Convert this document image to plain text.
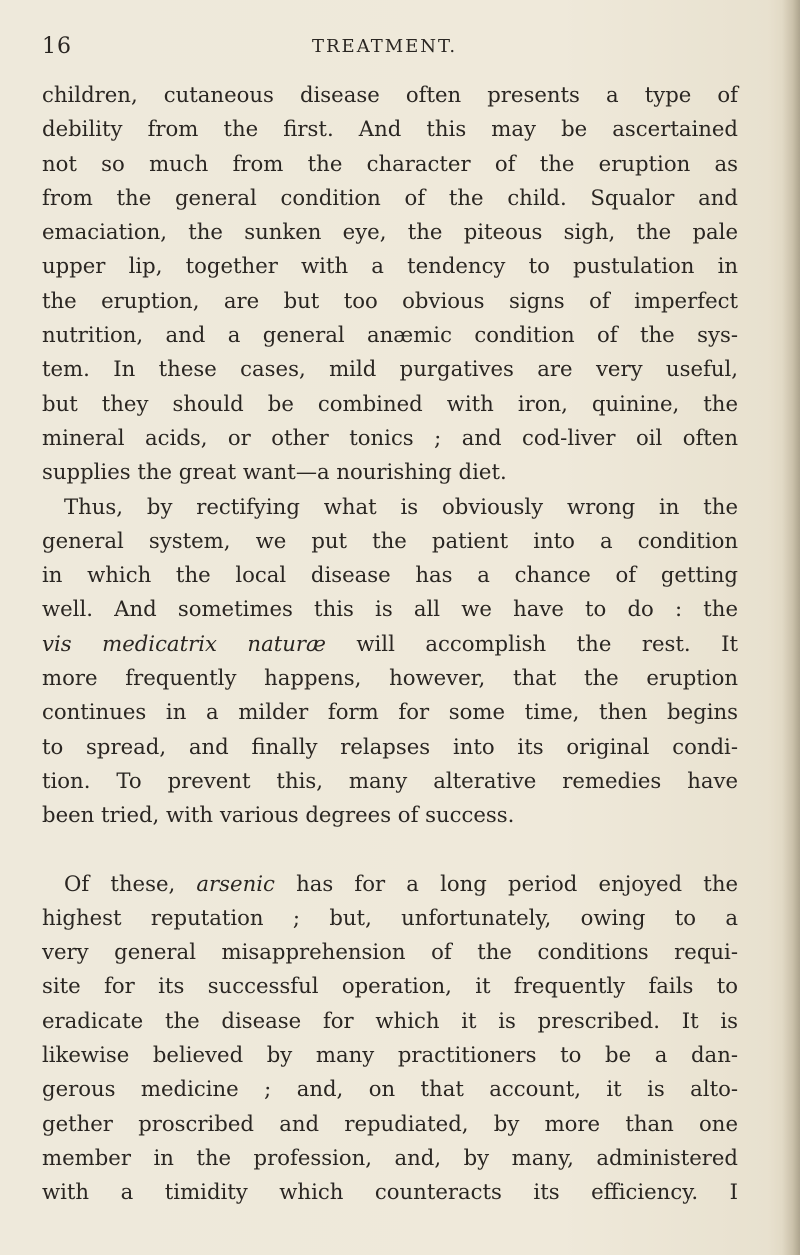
16	TREATMENT.

children, cutaneous disease often presents a type of
debility from the first. And this may be ascertained
not so much from the character of the eruption as
from the general condition of the child. Squalor and
emaciation, the sunken eye, the piteous sigh, the pale
upper lip, together with a tendency to pustulation in
the eruption, are but too obvious signs of imperfect
nutrition, and a general anæmic condition of the sys-
tem. In these cases, mild purgatives are very useful,
but they should be combined with iron, quinine, the
mineral acids, or other tonics ; and cod-liver oil often
supplies the great want—a nourishing diet.

Thus, by rectifying what is obviously wrong in the
general system, we put the patient into a condition
in which the local disease has a chance of getting
well. And sometimes this is all we have to do : the
vis medicatrix naturæ will accomplish the rest. It
more frequently happens, however, that the eruption
continues in a milder form for some time, then begins
to spread, and finally relapses into its original condi-
tion. To prevent this, many alterative remedies have
been tried, with various degrees of success.

Of these, arsenic has for a long period enjoyed the
highest reputation ; but, unfortunately, owing to a
very general misapprehension of the conditions requi-
site for its successful operation, it frequently fails to
eradicate the disease for which it is prescribed. It is
likewise believed by many practitioners to be a dan-
gerous medicine ; and, on that account, it is alto-
gether proscribed and repudiated, by more than one
member in the profession, and, by many, administered
with a timidity which counteracts its efficiency. I
